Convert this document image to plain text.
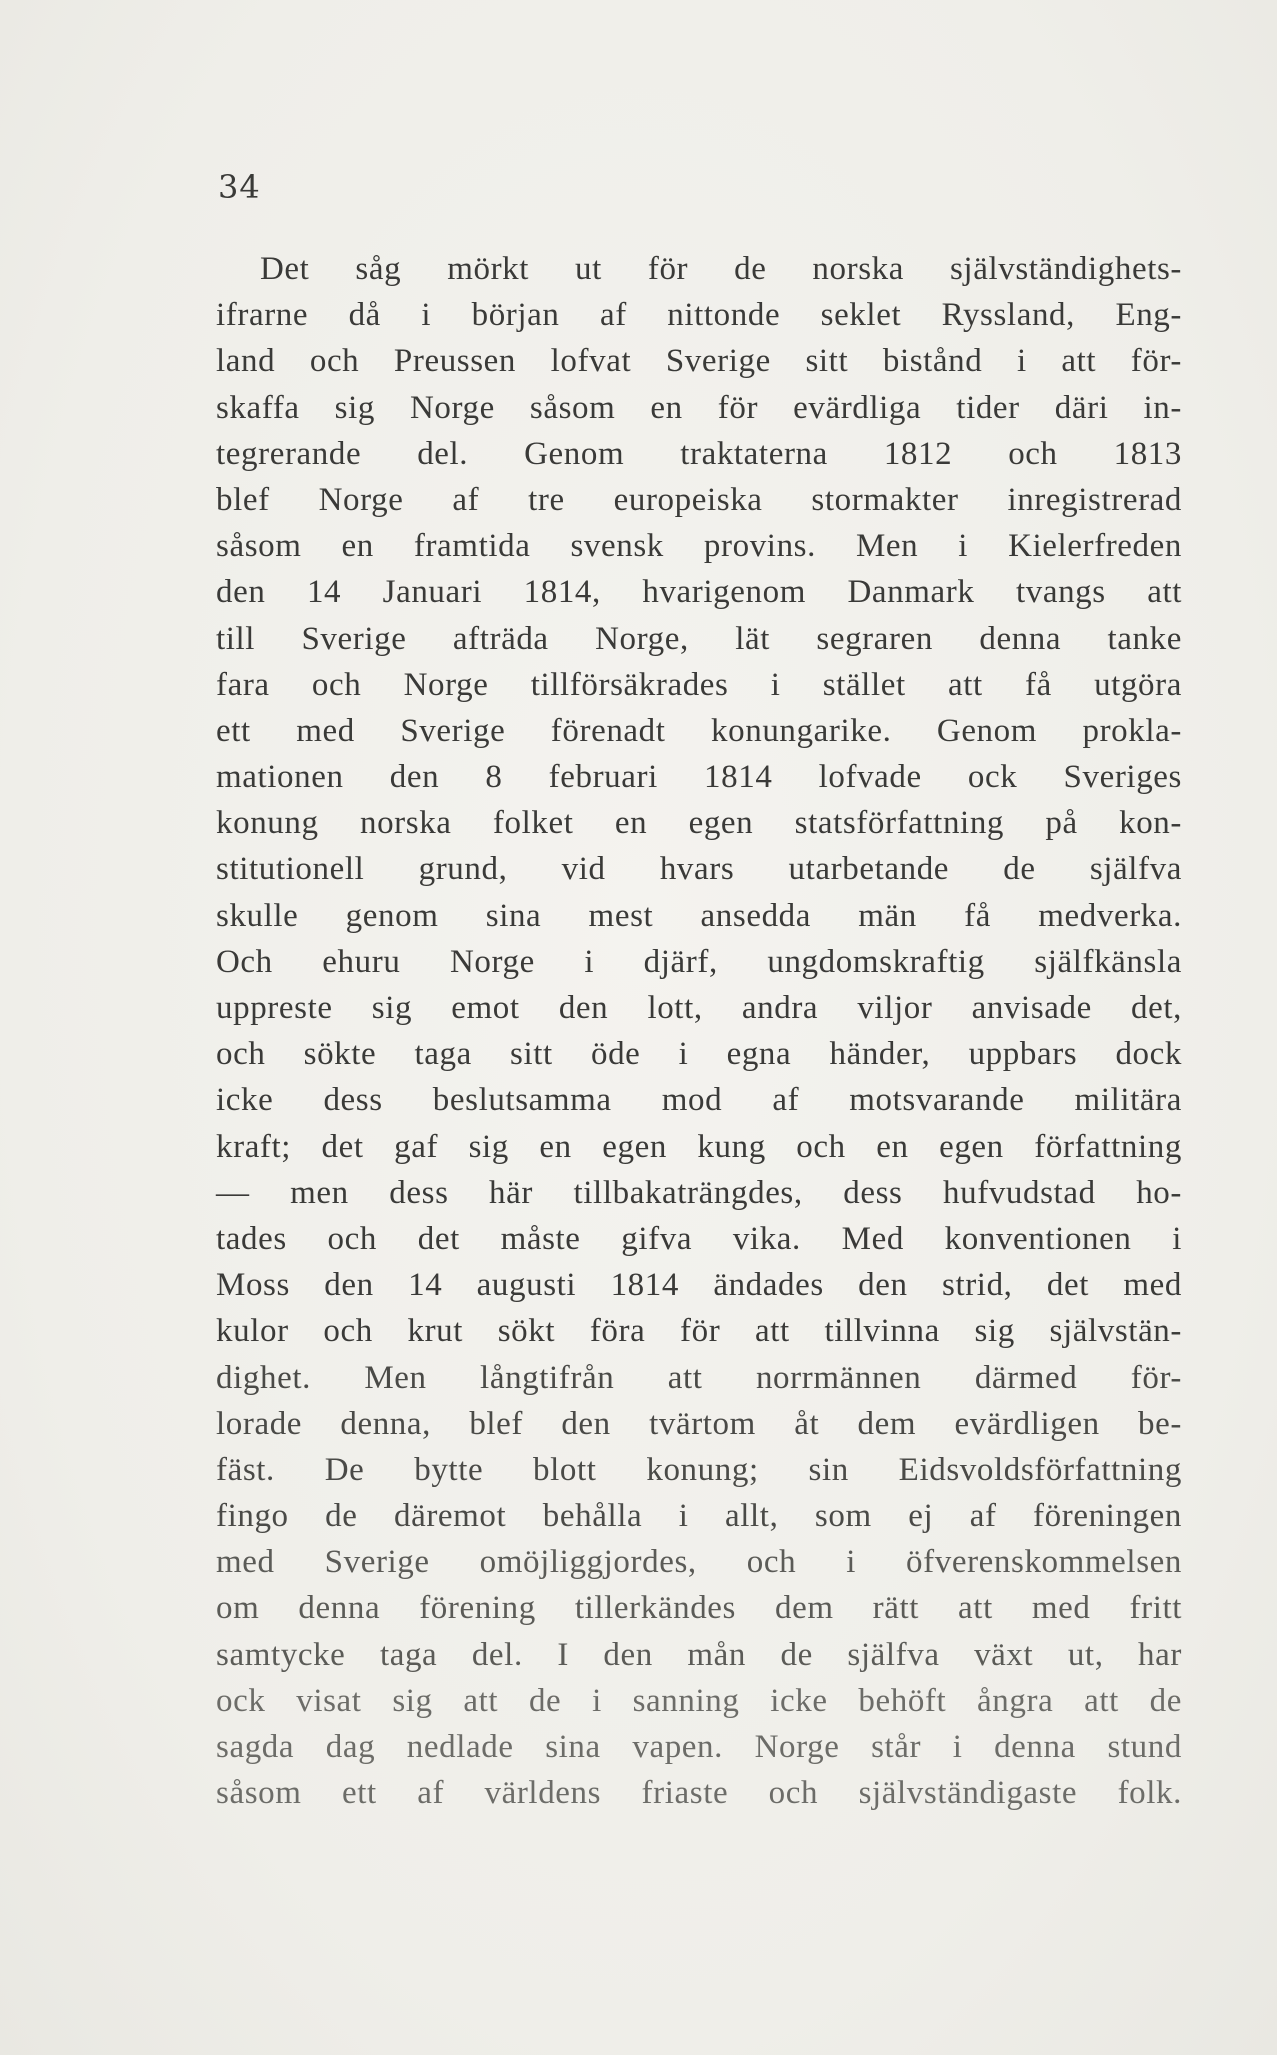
34
Det såg mörkt ut för de norska självständighets-
ifrarne då i början af nittonde seklet Ryssland, Eng-
land och Preussen lofvat Sverige sitt bistånd i att för-
skaffa sig Norge såsom en för evärdliga tider däri in-
tegrerande del. Genom traktaterna 1812 och 1813
blef Norge af tre europeiska stormakter inregistrerad
såsom en framtida svensk provins. Men i Kielerfreden
den 14 Januari 1814, hvarigenom Danmark tvangs att
till Sverige afträda Norge, lät segraren denna tanke
fara och Norge tillförsäkrades i stället att få utgöra
ett med Sverige förenadt konungarike. Genom prokla-
mationen den 8 februari 1814 lofvade ock Sveriges
konung norska folket en egen statsförfattning på kon-
stitutionell grund, vid hvars utarbetande de själfva
skulle genom sina mest ansedda män få medverka.
Och ehuru Norge i djärf, ungdomskraftig själfkänsla
uppreste sig emot den lott, andra viljor anvisade det,
och sökte taga sitt öde i egna händer, uppbars dock
icke dess beslutsamma mod af motsvarande militära
kraft; det gaf sig en egen kung och en egen författning
— men dess här tillbakaträngdes, dess hufvudstad ho-
tades och det måste gifva vika. Med konventionen i
Moss den 14 augusti 1814 ändades den strid, det med
kulor och krut sökt föra för att tillvinna sig självstän-
dighet. Men långtifrån att norrmännen därmed för-
lorade denna, blef den tvärtom åt dem evärdligen be-
fäst. De bytte blott konung; sin Eidsvoldsförfattning
fingo de däremot behålla i allt, som ej af föreningen
med Sverige omöjliggjordes, och i öfverenskommelsen
om denna förening tillerkändes dem rätt att med fritt
samtycke taga del. I den mån de själfva växt ut, har
ock visat sig att de i sanning icke behöft ångra att de
sagda dag nedlade sina vapen. Norge står i denna stund
såsom ett af världens friaste och självständigaste folk.
